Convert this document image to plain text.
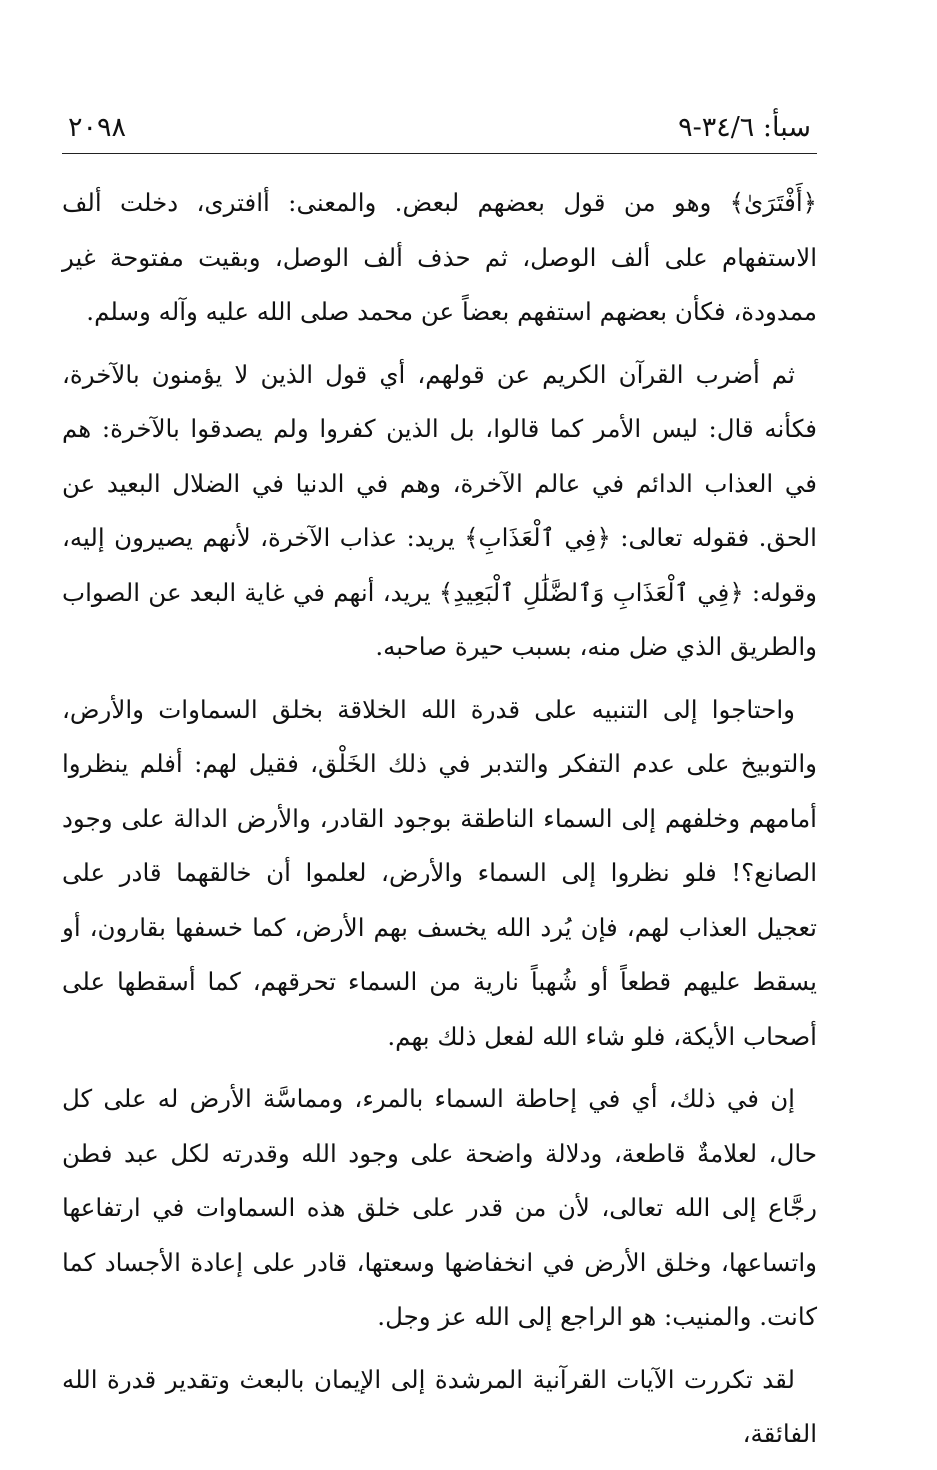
سبأ: ٣٤/٦-٩
٢٠٩٨

﴿أَفْتَرَىٰ﴾ وهو من قول بعضهم لبعض. والمعنى: أافترى، دخلت ألف الاستفهام على ألف الوصل، ثم حذف ألف الوصل، وبقيت مفتوحة غير ممدودة، فكأن بعضهم استفهم بعضاً عن محمد صلى الله عليه وآله وسلم.

ثم أضرب القرآن الكريم عن قولهم، أي قول الذين لا يؤمنون بالآخرة، فكأنه قال: ليس الأمر كما قالوا، بل الذين كفروا ولم يصدقوا بالآخرة: هم في العذاب الدائم في عالم الآخرة، وهم في الدنيا في الضلال البعيد عن الحق. فقوله تعالى: ﴿فِي ٱلْعَذَابِ﴾ يريد: عذاب الآخرة، لأنهم يصيرون إليه، وقوله: ﴿فِي ٱلْعَذَابِ وَٱلضَّلَٰلِ ٱلْبَعِيدِ﴾ يريد، أنهم في غاية البعد عن الصواب والطريق الذي ضل منه، بسبب حيرة صاحبه.

واحتاجوا إلى التنبيه على قدرة الله الخلاقة بخلق السماوات والأرض، والتوبيخ على عدم التفكر والتدبر في ذلك الخَلْق، فقيل لهم: أفلم ينظروا أمامهم وخلفهم إلى السماء الناطقة بوجود القادر، والأرض الدالة على وجود الصانع؟! فلو نظروا إلى السماء والأرض، لعلموا أن خالقهما قادر على تعجيل العذاب لهم، فإن يُرد الله يخسف بهم الأرض، كما خسفها بقارون، أو يسقط عليهم قطعاً أو شُهباً نارية من السماء تحرقهم، كما أسقطها على أصحاب الأيكة، فلو شاء الله لفعل ذلك بهم.

إن في ذلك، أي في إحاطة السماء بالمرء، ومماسَّة الأرض له على كل حال، لعلامةٌ قاطعة، ودلالة واضحة على وجود الله وقدرته لكل عبد فطن رجَّاع إلى الله تعالى، لأن من قدر على خلق هذه السماوات في ارتفاعها واتساعها، وخلق الأرض في انخفاضها وسعتها، قادر على إعادة الأجساد كما كانت. والمنيب: هو الراجع إلى الله عز وجل.

لقد تكررت الآيات القرآنية المرشدة إلى الإيمان بالبعث وتقدير قدرة الله الفائقة،
